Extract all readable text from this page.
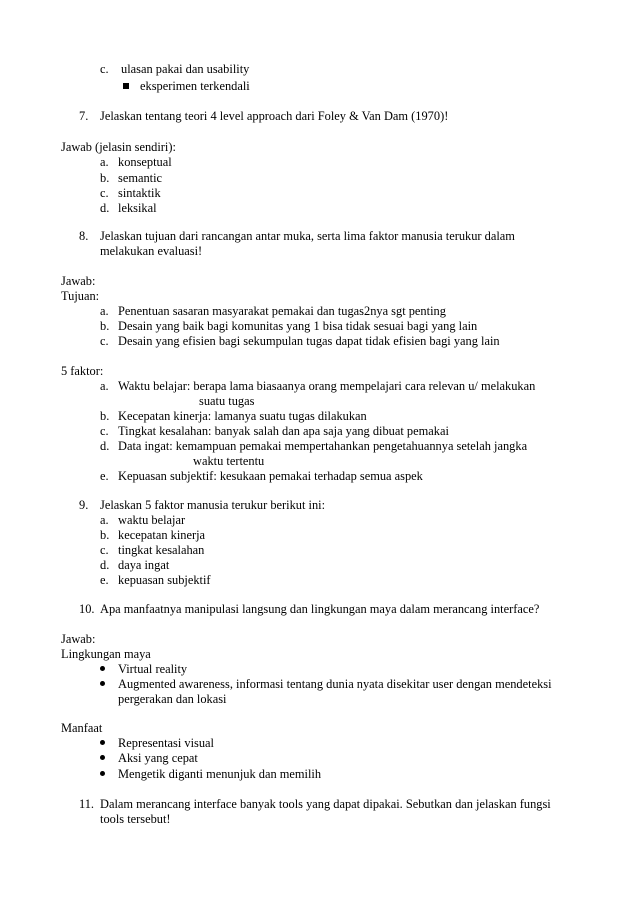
c. ulasan pakai dan usability
eksperimen terkendali
7. Jelaskan tentang teori 4 level approach dari Foley & Van Dam (1970)!
Jawab (jelasin sendiri):
a. konseptual
b. semantic
c. sintaktik
d. leksikal
8. Jelaskan tujuan dari rancangan antar muka, serta lima faktor manusia terukur dalam
melakukan evaluasi!
Jawab:
Tujuan:
a. Penentuan sasaran masyarakat pemakai dan tugas2nya sgt penting
b. Desain yang baik bagi komunitas yang 1 bisa tidak sesuai bagi yang lain
c. Desain yang efisien bagi sekumpulan tugas dapat tidak efisien bagi yang lain
5 faktor:
a. Waktu belajar: berapa lama biasaanya orang mempelajari cara relevan u/ melakukan
suatu tugas
b. Kecepatan kinerja: lamanya suatu tugas dilakukan
c. Tingkat kesalahan: banyak salah dan apa saja yang dibuat pemakai
d. Data ingat: kemampuan pemakai mempertahankan pengetahuannya setelah jangka
waktu tertentu
e. Kepuasan subjektif: kesukaan pemakai terhadap semua aspek
9. Jelaskan 5 faktor manusia terukur berikut ini:
a. waktu belajar
b. kecepatan kinerja
c. tingkat kesalahan
d. daya ingat
e. kepuasan subjektif
10. Apa manfaatnya manipulasi langsung dan lingkungan maya dalam merancang interface?
Jawab:
Lingkungan maya
Virtual reality
Augmented awareness, informasi tentang dunia nyata disekitar user dengan mendeteksi
pergerakan dan lokasi
Manfaat
Representasi visual
Aksi yang cepat
Mengetik diganti menunjuk dan memilih
11. Dalam merancang interface banyak tools yang dapat dipakai. Sebutkan dan jelaskan fungsi
tools tersebut!
